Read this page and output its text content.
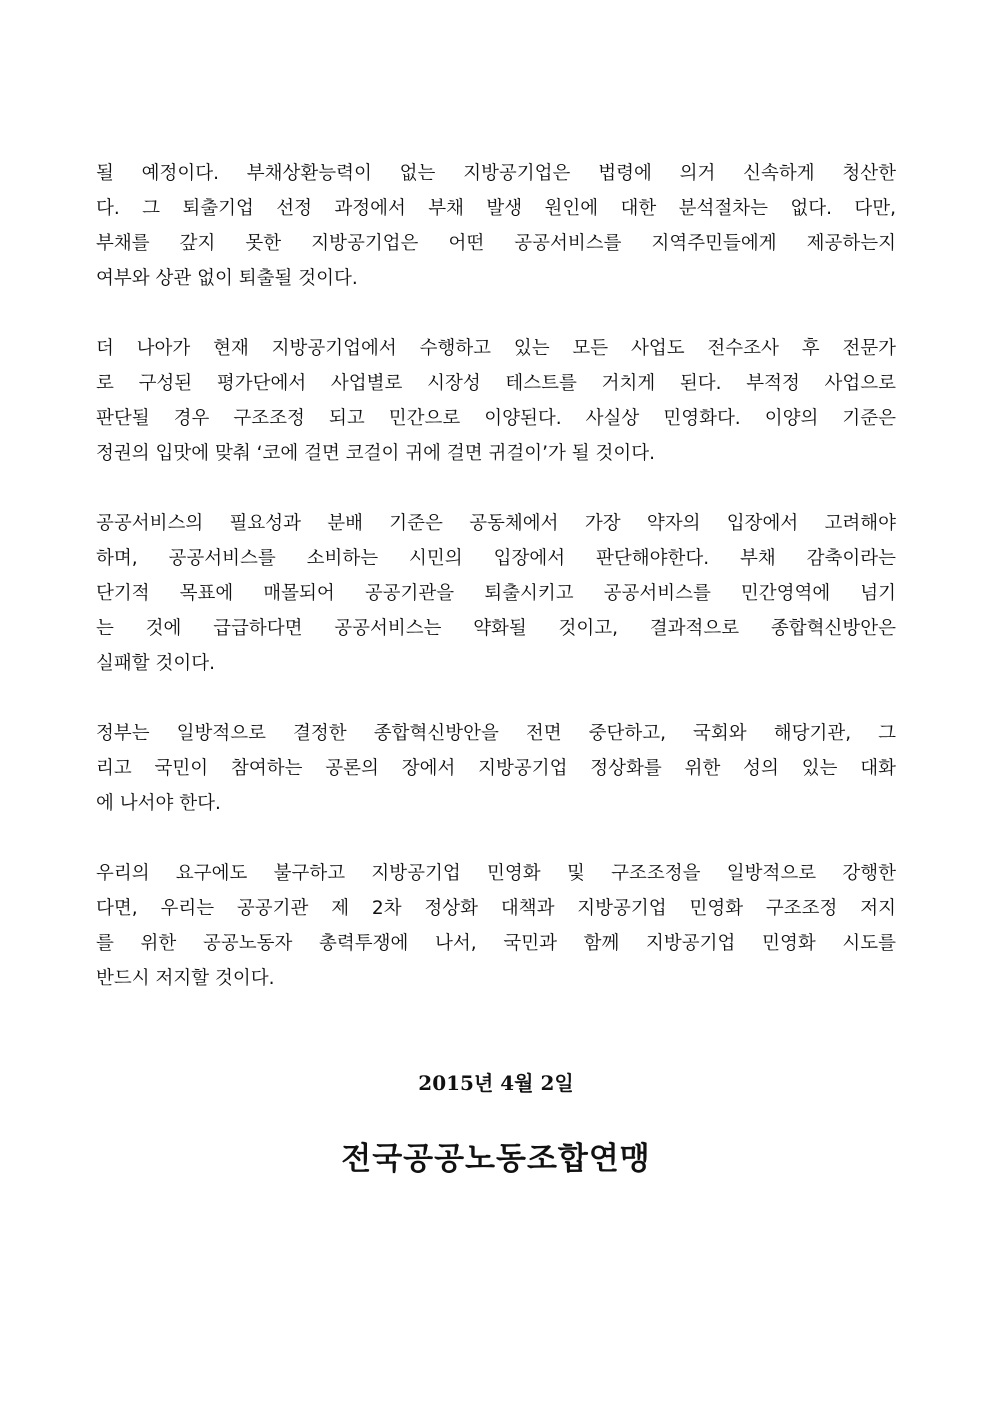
될 예정이다. 부채상환능력이 없는 지방공기업은 법령에 의거 신속하게 청산한
다. 그 퇴출기업 선정 과정에서 부채 발생 원인에 대한 분석절차는 없다. 다만,
부채를 갚지 못한 지방공기업은 어떤 공공서비스를 지역주민들에게 제공하는지
여부와 상관 없이 퇴출될 것이다.
더 나아가 현재 지방공기업에서 수행하고 있는 모든 사업도 전수조사 후 전문가
로 구성된 평가단에서 사업별로 시장성 테스트를 거치게 된다. 부적정 사업으로
판단될 경우 구조조정 되고 민간으로 이양된다. 사실상 민영화다. 이양의 기준은
정권의 입맛에 맞춰 ‘코에 걸면 코걸이 귀에 걸면 귀걸이’가 될 것이다.
공공서비스의 필요성과 분배 기준은 공동체에서 가장 약자의 입장에서 고려해야
하며, 공공서비스를 소비하는 시민의 입장에서 판단해야한다. 부채 감축이라는
단기적 목표에 매몰되어 공공기관을 퇴출시키고 공공서비스를 민간영역에 넘기
는 것에 급급하다면 공공서비스는 약화될 것이고, 결과적으로 종합혁신방안은
실패할 것이다.
정부는 일방적으로 결정한 종합혁신방안을 전면 중단하고, 국회와 해당기관, 그
리고 국민이 참여하는 공론의 장에서 지방공기업 정상화를 위한 성의 있는 대화
에 나서야 한다.
우리의 요구에도 불구하고 지방공기업 민영화 및 구조조정을 일방적으로 강행한
다면, 우리는 공공기관 제 2차 정상화 대책과 지방공기업 민영화 구조조정 저지
를 위한 공공노동자 총력투쟁에 나서, 국민과 함께 지방공기업 민영화 시도를
반드시 저지할 것이다.
2015년 4월 2일
전국공공노동조합연맹
